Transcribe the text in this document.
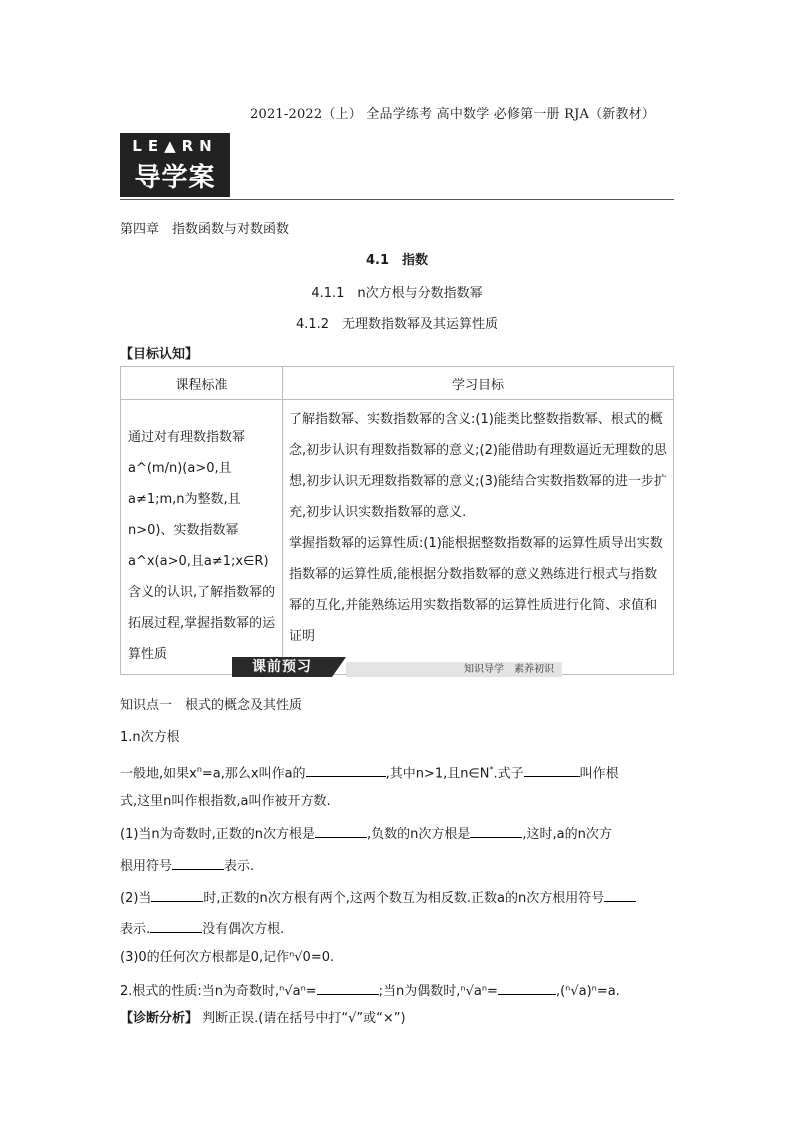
2021-2022（上） 全品学练考 高中数学 必修第一册 RJA（新教材）
LE▲RN
导学案
第四章　指数函数与对数函数
4.1　指数
4.1.1　n次方根与分数指数幂
4.1.2　无理数指数幂及其运算性质
【目标认知】
课程标准	学习目标
通过对有理数指数幂a^(m/n)(a>0,且a≠1;m,n为整数,且n>0)、实数指数幂a^x(a>0,且a≠1;x∈R)含义的认识,了解指数幂的拓展过程,掌握指数幂的运算性质	了解指数幂、实数指数幂的含义:(1)能类比整数指数幂、根式的概念,初步认识有理数指数幂的意义;(2)能借助有理数逼近无理数的思想,初步认识无理数指数幂的意义;(3)能结合实数指数幂的进一步扩充,初步认识实数指数幂的意义.
掌握指数幂的运算性质:(1)能根据整数指数幂的运算性质导出实数指数幂的运算性质,能根据分数指数幂的意义熟练进行根式与指数幂的互化,并能熟练运用实数指数幂的运算性质进行化简、求值和证明
课前预习	知识导学　素养初识
知识点一　根式的概念及其性质
1.n次方根
一般地,如果$x^n=a$,那么x叫作a的	,其中n>1,且n∈N*.式子	叫作根
式,这里n叫作根指数,a叫作被开方数.
(1)当n为奇数时,正数的n次方根是	,负数的n次方根是	,这时,a的n次方
根用符号	表示.
(2)当	时,正数的n次方根有两个,这两个数互为相反数.正数a的n次方根用符号
表示.	没有偶次方根.
(3)0的任何次方根都是0,记作ⁿ√0=0.
2.根式的性质:当n为奇数时,ⁿ√aⁿ=	;当n为偶数时,ⁿ√aⁿ=	,(ⁿ√a)ⁿ=a.
【诊断分析】 判断正误.(请在括号中打“√”或“×”)
